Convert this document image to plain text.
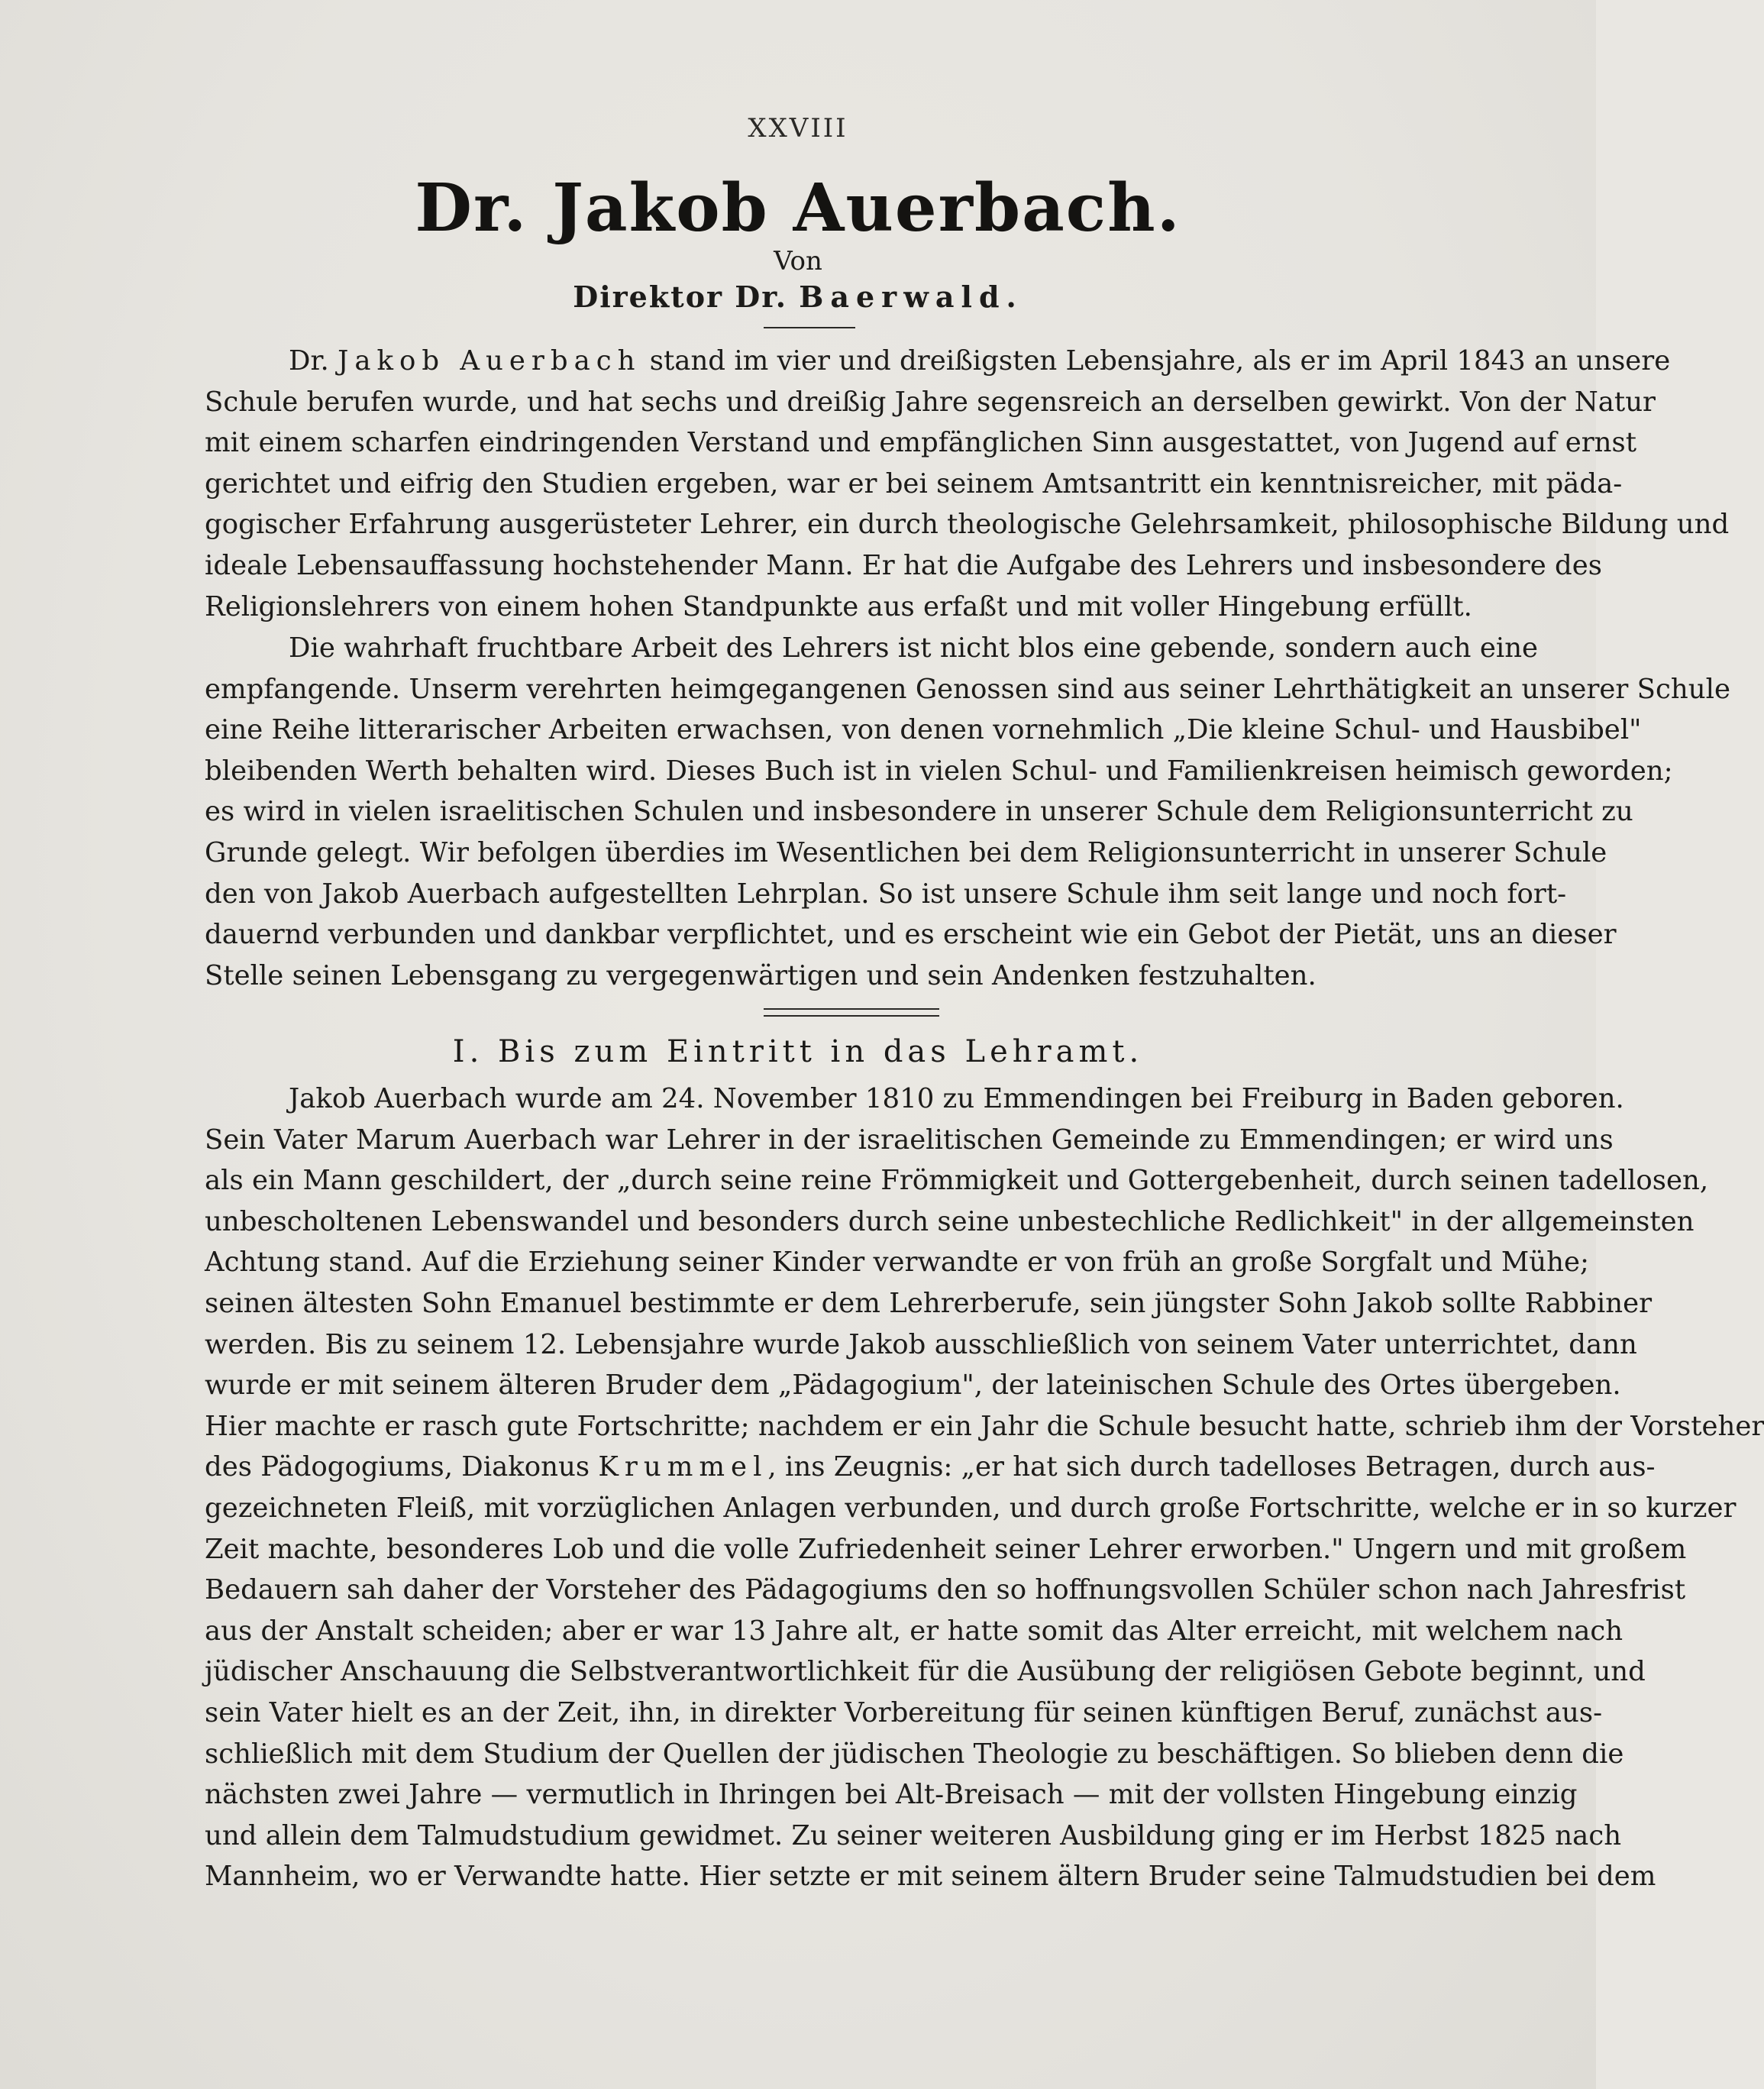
XXVIII
Dr. Jakob Auerbach.
Von
Direktor Dr. Baerwald.
Dr. Jakob Auerbach stand im vier und dreißigsten Lebensjahre, als er im April 1843 an unsere
Schule berufen wurde, und hat sechs und dreißig Jahre segensreich an derselben gewirkt. Von der Natur
mit einem scharfen eindringenden Verstand und empfänglichen Sinn ausgestattet, von Jugend auf ernst
gerichtet und eifrig den Studien ergeben, war er bei seinem Amtsantritt ein kenntnisreicher, mit päda-
gogischer Erfahrung ausgerüsteter Lehrer, ein durch theologische Gelehrsamkeit, philosophische Bildung und
ideale Lebensauffassung hochstehender Mann. Er hat die Aufgabe des Lehrers und insbesondere des
Religionslehrers von einem hohen Standpunkte aus erfaßt und mit voller Hingebung erfüllt.
Die wahrhaft fruchtbare Arbeit des Lehrers ist nicht blos eine gebende, sondern auch eine
empfangende. Unserm verehrten heimgegangenen Genossen sind aus seiner Lehrthätigkeit an unserer Schule
eine Reihe litterarischer Arbeiten erwachsen, von denen vornehmlich „Die kleine Schul- und Hausbibel"
bleibenden Werth behalten wird. Dieses Buch ist in vielen Schul- und Familienkreisen heimisch geworden;
es wird in vielen israelitischen Schulen und insbesondere in unserer Schule dem Religionsunterricht zu
Grunde gelegt. Wir befolgen überdies im Wesentlichen bei dem Religionsunterricht in unserer Schule
den von Jakob Auerbach aufgestellten Lehrplan. So ist unsere Schule ihm seit lange und noch fort-
dauernd verbunden und dankbar verpflichtet, und es erscheint wie ein Gebot der Pietät, uns an dieser
Stelle seinen Lebensgang zu vergegenwärtigen und sein Andenken festzuhalten.
I. Bis zum Eintritt in das Lehramt.
Jakob Auerbach wurde am 24. November 1810 zu Emmendingen bei Freiburg in Baden geboren.
Sein Vater Marum Auerbach war Lehrer in der israelitischen Gemeinde zu Emmendingen; er wird uns
als ein Mann geschildert, der „durch seine reine Frömmigkeit und Gottergebenheit, durch seinen tadellosen,
unbescholtenen Lebenswandel und besonders durch seine unbestechliche Redlichkeit" in der allgemeinsten
Achtung stand. Auf die Erziehung seiner Kinder verwandte er von früh an große Sorgfalt und Mühe;
seinen ältesten Sohn Emanuel bestimmte er dem Lehrerberufe, sein jüngster Sohn Jakob sollte Rabbiner
werden. Bis zu seinem 12. Lebensjahre wurde Jakob ausschließlich von seinem Vater unterrichtet, dann
wurde er mit seinem älteren Bruder dem „Pädagogium", der lateinischen Schule des Ortes übergeben.
Hier machte er rasch gute Fortschritte; nachdem er ein Jahr die Schule besucht hatte, schrieb ihm der Vorsteher
des Pädogogiums, Diakonus Krummel, ins Zeugnis: „er hat sich durch tadelloses Betragen, durch aus-
gezeichneten Fleiß, mit vorzüglichen Anlagen verbunden, und durch große Fortschritte, welche er in so kurzer
Zeit machte, besonderes Lob und die volle Zufriedenheit seiner Lehrer erworben." Ungern und mit großem
Bedauern sah daher der Vorsteher des Pädagogiums den so hoffnungsvollen Schüler schon nach Jahresfrist
aus der Anstalt scheiden; aber er war 13 Jahre alt, er hatte somit das Alter erreicht, mit welchem nach
jüdischer Anschauung die Selbstverantwortlichkeit für die Ausübung der religiösen Gebote beginnt, und
sein Vater hielt es an der Zeit, ihn, in direkter Vorbereitung für seinen künftigen Beruf, zunächst aus-
schließlich mit dem Studium der Quellen der jüdischen Theologie zu beschäftigen. So blieben denn die
nächsten zwei Jahre — vermutlich in Ihringen bei Alt-Breisach — mit der vollsten Hingebung einzig
und allein dem Talmudstudium gewidmet. Zu seiner weiteren Ausbildung ging er im Herbst 1825 nach
Mannheim, wo er Verwandte hatte. Hier setzte er mit seinem ältern Bruder seine Talmudstudien bei dem
